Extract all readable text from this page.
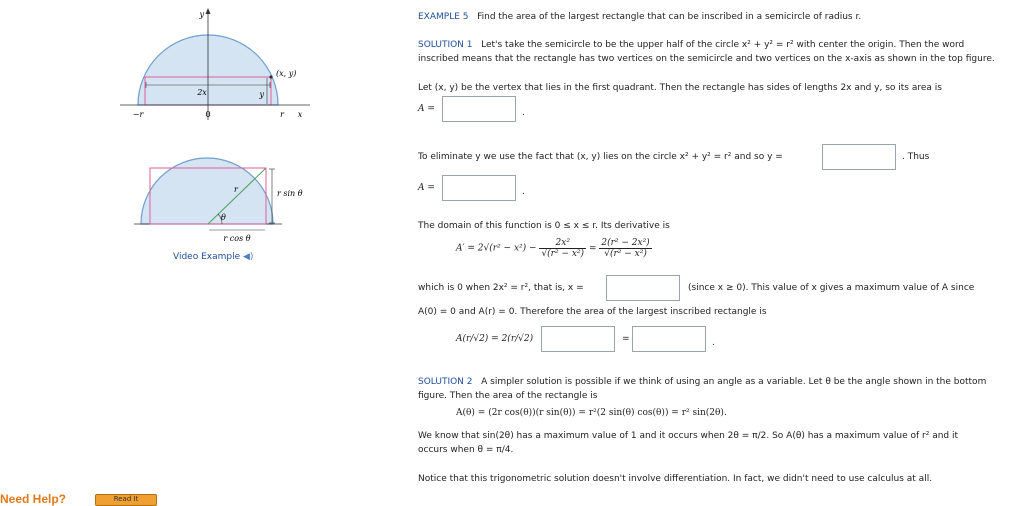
y
(x, y)
2x	y
−r	0	r x
r	r sin θ
θ
r cos θ
Video Example ◀)
EXAMPLE 5 Find the area of the largest rectangle that can be inscribed in a semicircle of radius r.
SOLUTION 1 Let's take the semicircle to be the upper half of the circle x² + y² = r² with center the origin. Then the word
inscribed means that the rectangle has two vertices on the semicircle and two vertices on the x-axis as shown in the top figure.
Let (x, y) be the vertex that lies in the first quadrant. Then the rectangle has sides of lengths 2x and y, so its area is
A =	.
To eliminate y we use the fact that (x, y) lies on the circle x² + y² = r² and so y =	. Thus
A =	.
The domain of this function is 0 ≤ x ≤ r. Its derivative is
$A' = 2√(r^2 - x^2) - \frac{\text{2x²}}{\text{√(r² − x²)}} = \frac{\text{2(r² − 2x²)}}{\text{√(r² − x²)}}$
which is 0 when 2x² = r², that is, x =	(since x ≥ 0). This value of x gives a maximum value of A since
A(0) = 0 and A(r) = 0. Therefore the area of the largest inscribed rectangle is
A(r/√2) = 2(r/√2)	=	.
SOLUTION 2 A simpler solution is possible if we think of using an angle as a variable. Let θ be the angle shown in the bottom
figure. Then the area of the rectangle is
A(θ) = (2r cos(θ))(r sin(θ)) = r²(2 sin(θ) cos(θ)) = r² sin(2θ).
We know that sin(2θ) has a maximum value of 1 and it occurs when 2θ = π/2. So A(θ) has a maximum value of r² and it
occurs when θ = π/4.
Notice that this trigonometric solution doesn't involve differentiation. In fact, we didn't need to use calculus at all.
Need Help?	Read It
